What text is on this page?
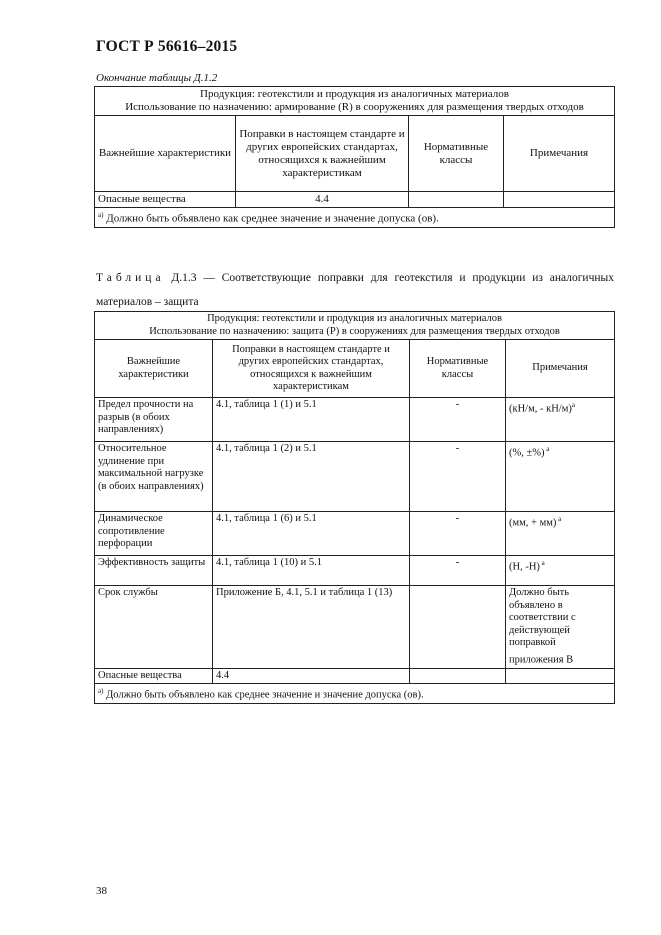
ГОСТ Р 56616–2015
Окончание таблицы Д.1.2
Продукция: геотекстили и продукция из аналогичных материалов
Использование по назначению: армирование (R) в сооружениях для размещения твердых отходов			

Важнейшие характеристики	Поправки в настоящем стандарте и других европейских стандартах, относящихся к важнейшим характеристикам	Нормативные классы	Примечания
Опасные вещества	4.4		
$^{а)}$ Должно быть объявлено как среднее значение и значение допуска (ов).			
Таблица Д.1.3 — Соответствующие поправки для геотекстиля и продукции из аналогичных материалов – защита
Продукция: геотекстили и продукция из аналогичных материалов
Использование по назначению: защита (P) в сооружениях для размещения твердых отходов			

Важнейшие характеристики	Поправки в настоящем стандарте и других европейских стандартах, относящихся к важнейшим характеристикам	Нормативные классы	Примечания
Предел прочности на разрыв (в обоих направлениях)	4.1, таблица 1 (1) и 5.1	-	(кН/м, - кН/м)$^а$
Относительное удлинение при максимальной нагрузке (в обоих направлениях)	4.1, таблица 1 (2) и 5.1	-	(%, ±%) $^а$
Динамическое сопротивление перфорации	4.1, таблица 1 (6) и 5.1	-	(мм, + мм) $^а$
Эффективность защиты	4.1, таблица 1 (10) и 5.1	-	(Н, -Н) $^а$
Срок службы	Приложение Б, 4.1, 5.1 и таблица 1 (13)		Должно быть объявлено в соответствии с действующей поправкой приложения В
Опасные вещества	4.4		
$^{а)}$ Должно быть объявлено как среднее значение и значение допуска (ов).			
38
